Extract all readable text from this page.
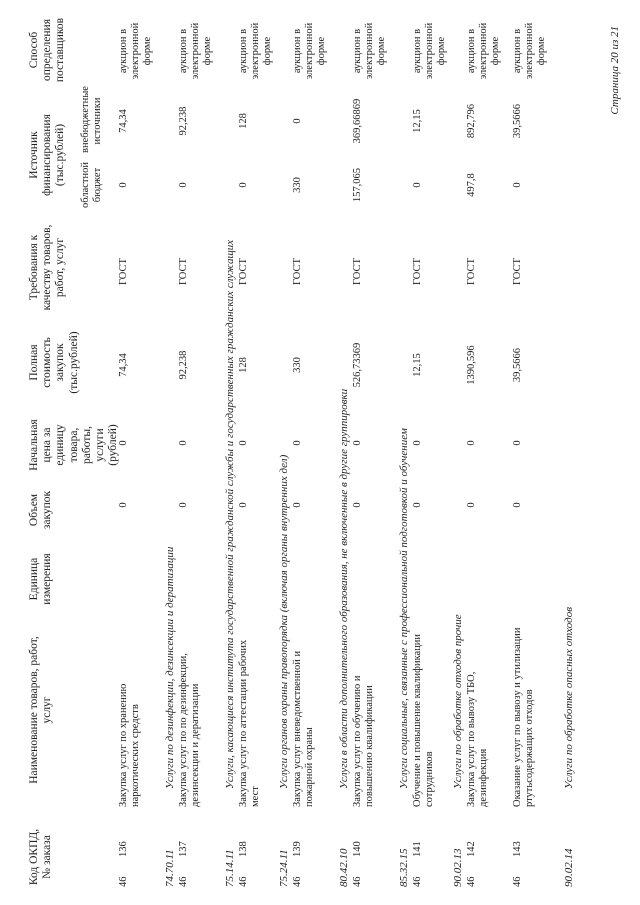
Код ОКПД, № заказа
Наименование товаров, работ, услуг
Единица измерения
Объем закупок
Начальная цена за единицу товара, работы, услуги (рублей)
Полная стоимость закупок (тыс.рублей)
Требования к качеству товаров, работ, услуг
Источник финансирования (тыс.рублей) областной бюджет
внебюджетные источники
Способ определения поставщиков
46
136
Закупка услуг по хранению наркотических средств
0
0
74,34
ГОСТ
0
74,34
аукцион в электронной форме
74.70.11
Услуги по дезинфекции, дезинсекции и дератизации
46
137
Закупка услуг по по дезинфекции, дезинсекции и дератизации
0
0
92,238
ГОСТ
0
92,238
аукцион в электронной форме
75.14.11
Услуги, касающиеся института государственной гражданской службы и государственных гражданских служащих
46
138
Закупка услуг по аттестации рабочих мест
0
0
128
ГОСТ
0
128
аукцион в электронной форме
75.24.11
Услуги органов охраны правопорядка (включая органы внутренних дел)
46
139
Закупка услуг вневедомственной и пожарной охраны
0
0
330
ГОСТ
330
0
аукцион в электронной форме
80.42.10
Услуги в области дополнительного образования, не включенные в другие группировки
46
140
Закупка услуг по обучению и повышению квалификации
0
0
526,73369
ГОСТ
157,065
369,66869
аукцион в электронной форме
85.32.15
Услуги социальные, связанные с профессиональной подготовкой и обучением
46
141
Обучение и повышение квалификации сотрудников
0
0
12,15
ГОСТ
0
12,15
аукцион в электронной форме
90.02.13
Услуги по обработке отходов прочие
46
142
Закупка услуг по вывозу ТБО, дезинфекция
0
0
1390,596
ГОСТ
497,8
892,796
аукцион в электронной форме
46
143
Оказание услуг по вывозу и утилизации ртутьсодержащих отходов
0
0
39,5666
ГОСТ
0
39,5666
аукцион в электронной форме
90.02.14
Услуги по обработке опасных отходов
Страница 20 из 21
